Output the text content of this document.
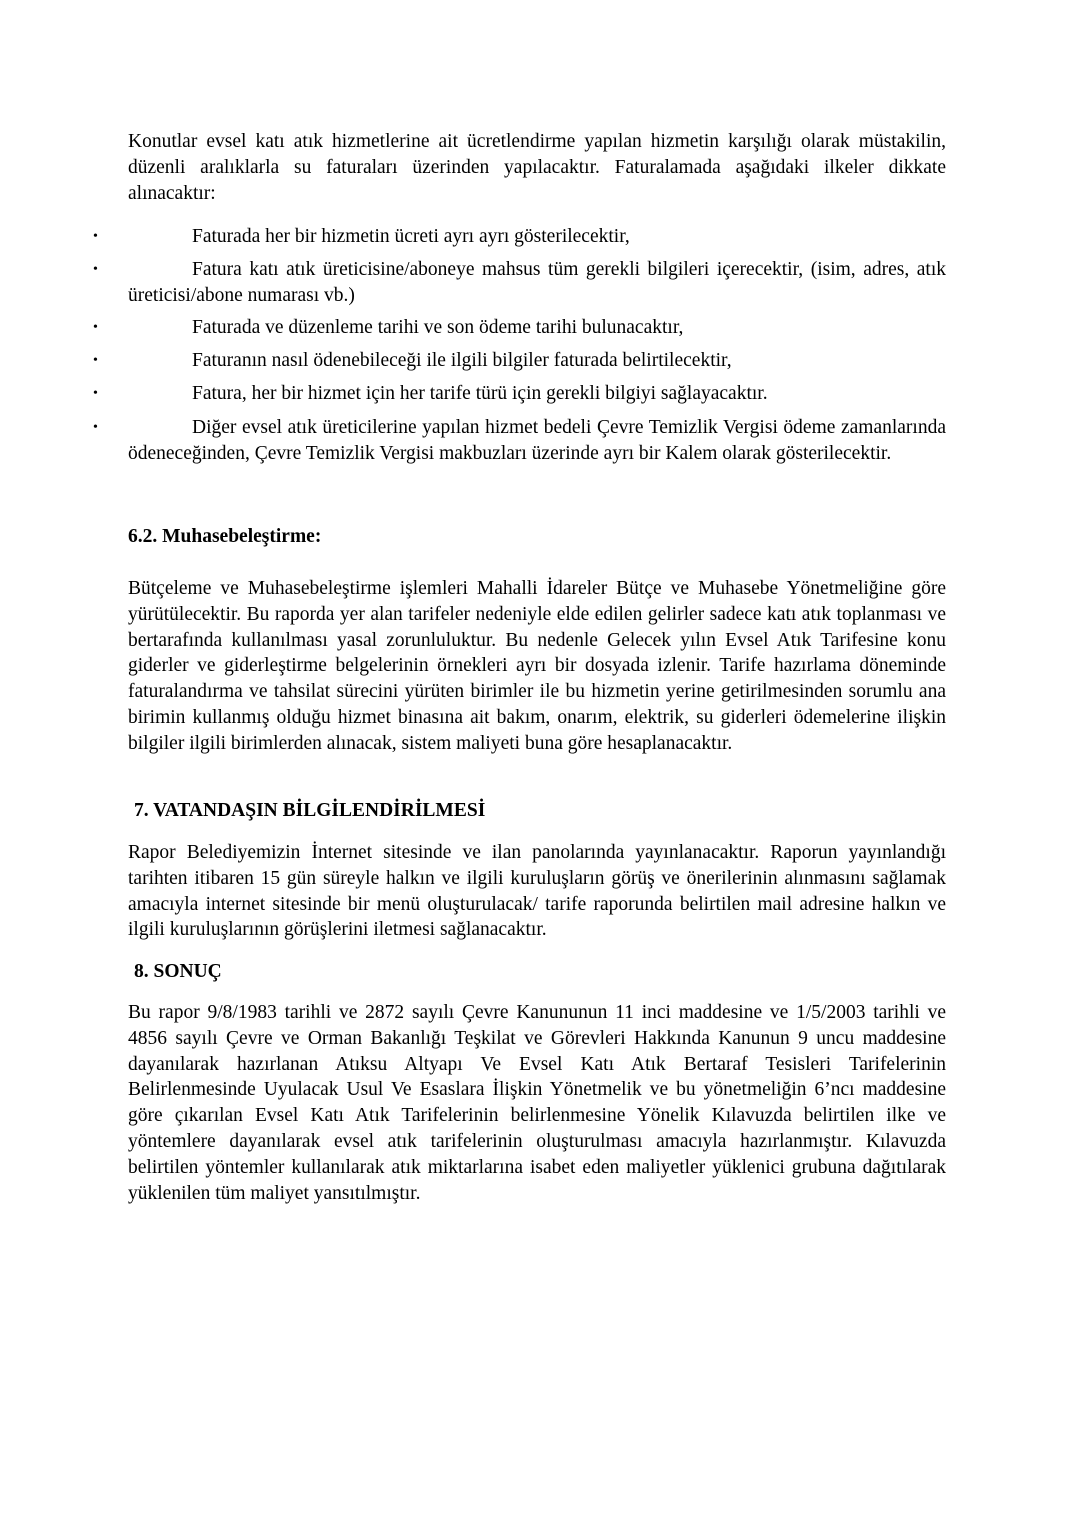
Konutlar evsel katı atık hizmetlerine ait ücretlendirme yapılan hizmetin karşılığı olarak müstakilin, düzenli aralıklarla su faturaları üzerinden yapılacaktır. Faturalamada aşağıdaki ilkeler dikkate alınacaktır:

•	Faturada her bir hizmetin ücreti ayrı ayrı gösterilecektir,
•	Fatura katı atık üreticisine/aboneye mahsus tüm gerekli bilgileri içerecektir, (isim, adres, atık üreticisi/abone numarası vb.)
•	Faturada ve düzenleme tarihi ve son ödeme tarihi bulunacaktır,
•	Faturanın nasıl ödenebileceği ile ilgili bilgiler faturada belirtilecektir,
•	Fatura, her bir hizmet için her tarife türü için gerekli bilgiyi sağlayacaktır.
•	Diğer evsel atık üreticilerine yapılan hizmet bedeli Çevre Temizlik Vergisi ödeme zamanlarında ödeneceğinden, Çevre Temizlik Vergisi makbuzları üzerinde ayrı bir Kalem olarak gösterilecektir.
6.2. Muhasebeleştirme:

Bütçeleme ve Muhasebeleştirme işlemleri Mahalli İdareler Bütçe ve Muhasebe Yönetmeliğine göre yürütülecektir. Bu raporda yer alan tarifeler nedeniyle elde edilen gelirler sadece katı atık toplanması ve bertarafında kullanılması yasal zorunluluktur. Bu nedenle Gelecek yılın Evsel Atık Tarifesine konu giderler ve giderleştirme belgelerinin örnekleri ayrı bir dosyada izlenir. Tarife hazırlama döneminde faturalandırma ve tahsilat sürecini yürüten birimler ile bu hizmetin yerine getirilmesinden sorumlu ana birimin kullanmış olduğu hizmet binasına ait bakım, onarım, elektrik, su giderleri ödemelerine ilişkin bilgiler ilgili birimlerden alınacak, sistem maliyeti buna göre hesaplanacaktır.

7. VATANDAŞIN BİLGİLENDİRİLMESİ

Rapor Belediyemizin İnternet sitesinde ve ilan panolarında yayınlanacaktır. Raporun yayınlandığı tarihten itibaren 15 gün süreyle halkın ve ilgili kuruluşların görüş ve önerilerinin alınmasını sağlamak amacıyla internet sitesinde bir menü oluşturulacak/ tarife raporunda belirtilen mail adresine halkın ve ilgili kuruluşlarının görüşlerini iletmesi sağlanacaktır.

8. SONUÇ

Bu rapor 9/8/1983 tarihli ve 2872 sayılı Çevre Kanununun 11 inci maddesine ve 1/5/2003 tarihli ve 4856 sayılı Çevre ve Orman Bakanlığı Teşkilat ve Görevleri Hakkında Kanunun 9 uncu maddesine dayanılarak hazırlanan Atıksu Altyapı Ve Evsel Katı Atık Bertaraf Tesisleri Tarifelerinin Belirlenmesinde Uyulacak Usul Ve Esaslara İlişkin Yönetmelik ve bu yönetmeliğin 6’ncı maddesine göre çıkarılan Evsel Katı Atık Tarifelerinin belirlenmesine Yönelik Kılavuzda belirtilen ilke ve yöntemlere dayanılarak evsel atık tarifelerinin oluşturulması amacıyla hazırlanmıştır. Kılavuzda belirtilen yöntemler kullanılarak atık miktarlarına isabet eden maliyetler yüklenici grubuna dağıtılarak yüklenilen tüm maliyet yansıtılmıştır.
